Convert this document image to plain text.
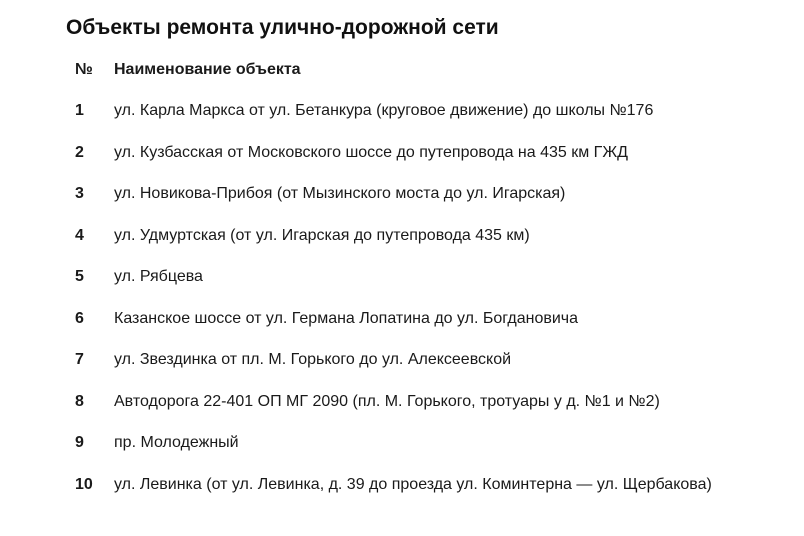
Объекты ремонта улично-дорожной сети
№	Наименование объекта
1	ул. Карла Маркса от ул. Бетанкура (круговое движение) до школы №176
2	ул. Кузбасская от Московского шоссе до путепровода на 435 км ГЖД
3	ул. Новикова-Прибоя (от Мызинского моста до ул. Игарская)
4	ул. Удмуртская (от ул. Игарская до путепровода 435 км)
5	ул. Рябцева
6	Казанское шоссе от ул. Германа Лопатина до ул. Богдановича
7	ул. Звездинка от пл. М. Горького до ул. Алексеевской
8	Автодорога 22-401 ОП МГ 2090 (пл. М. Горького, тротуары у д. №1 и №2)
9	пр. Молодежный
10	ул. Левинка (от ул. Левинка, д. 39 до проезда ул. Коминтерна — ул. Щербакова)
